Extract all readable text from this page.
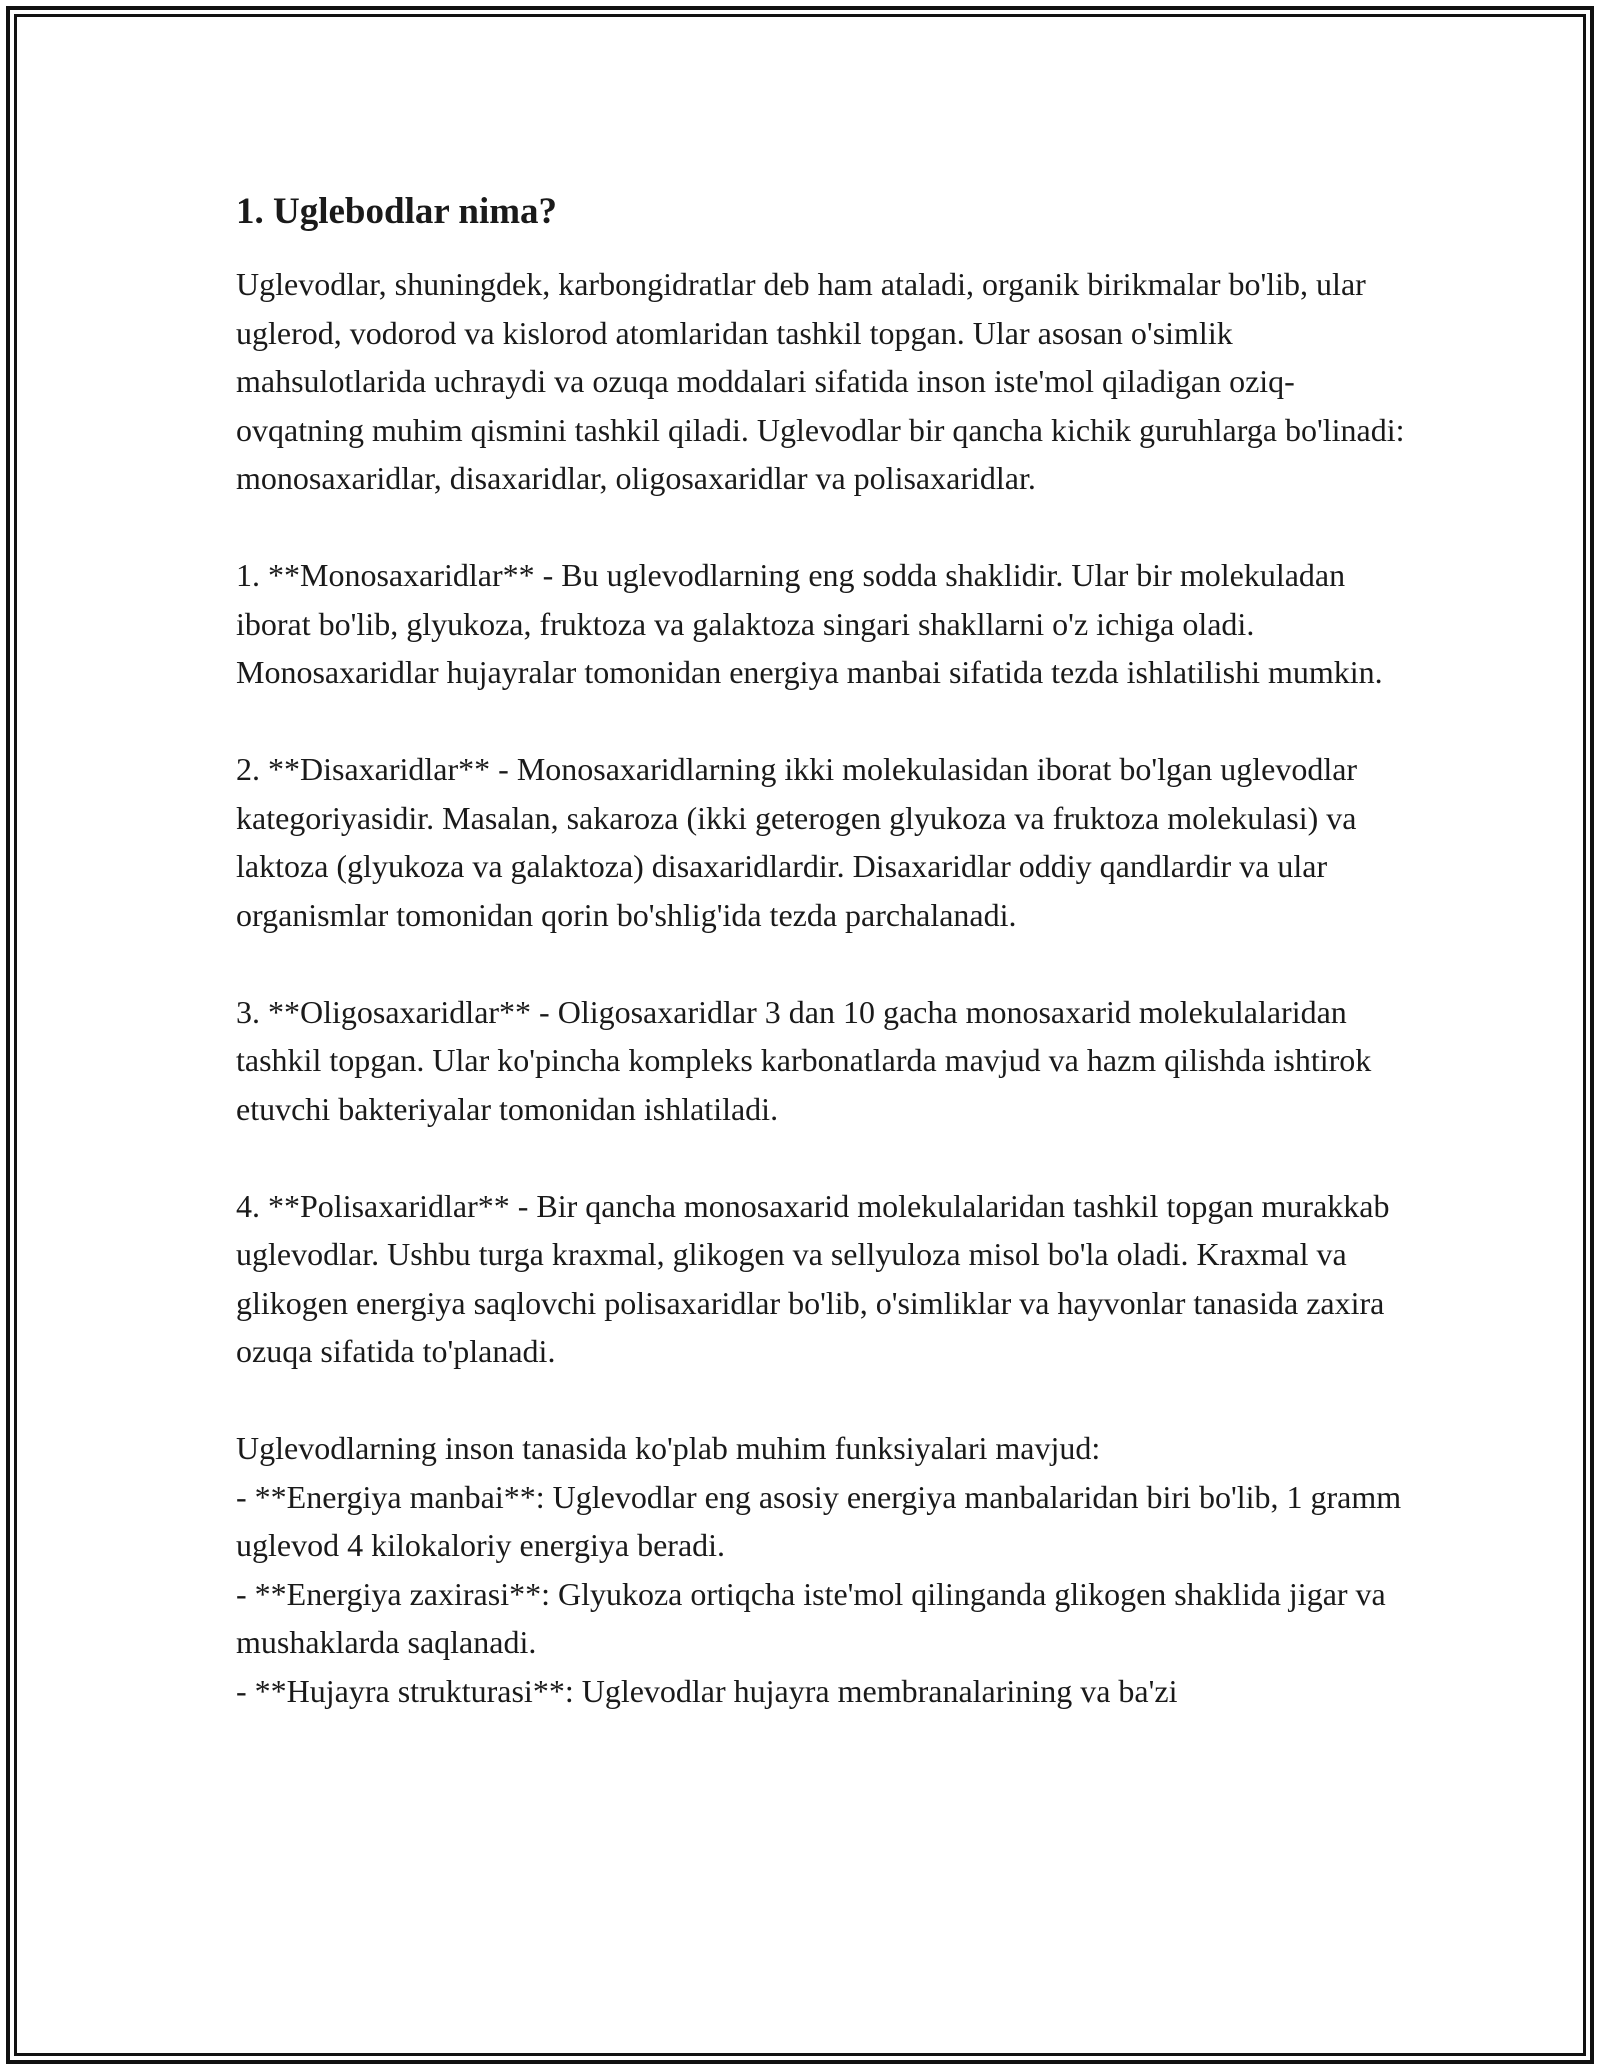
1. Uglebodlar nima?

Uglevodlar, shuningdek, karbongidratlar deb ham ataladi, organik birikmalar bo'lib, ular uglerod, vodorod va kislorod atomlaridan tashkil topgan. Ular asosan o'simlik mahsulotlarida uchraydi va ozuqa moddalari sifatida inson iste'mol qiladigan oziq-ovqatning muhim qismini tashkil qiladi. Uglevodlar bir qancha kichik guruhlarga bo'linadi: monosaxaridlar, disaxaridlar, oligosaxaridlar va polisaxaridlar.

1. **Monosaxaridlar** - Bu uglevodlarning eng sodda shaklidir. Ular bir molekuladan iborat bo'lib, glyukoza, fruktoza va galaktoza singari shakllarni o'z ichiga oladi. Monosaxaridlar hujayralar tomonidan energiya manbai sifatida tezda ishlatilishi mumkin.

2. **Disaxaridlar** - Monosaxaridlarning ikki molekulasidan iborat bo'lgan uglevodlar kategoriyasidir. Masalan, sakaroza (ikki geterogen glyukoza va fruktoza molekulasi) va laktoza (glyukoza va galaktoza) disaxaridlardir. Disaxaridlar oddiy qandlardir va ular organismlar tomonidan qorin bo'shlig'ida tezda parchalanadi.

3. **Oligosaxaridlar** - Oligosaxaridlar 3 dan 10 gacha monosaxarid molekulalaridan tashkil topgan. Ular ko'pincha kompleks karbonatlarda mavjud va hazm qilishda ishtirok etuvchi bakteriyalar tomonidan ishlatiladi.

4. **Polisaxaridlar** - Bir qancha monosaxarid molekulalaridan tashkil topgan murakkab uglevodlar. Ushbu turga kraxmal, glikogen va sellyuloza misol bo'la oladi. Kraxmal va glikogen energiya saqlovchi polisaxaridlar bo'lib, o'simliklar va hayvonlar tanasida zaxira ozuqa sifatida to'planadi.

Uglevodlarning inson tanasida ko'plab muhim funksiyalari mavjud:

- **Energiya manbai**: Uglevodlar eng asosiy energiya manbalaridan biri bo'lib, 1 gramm uglevod 4 kilokaloriy energiya beradi.

- **Energiya zaxirasi**: Glyukoza ortiqcha iste'mol qilinganda glikogen shaklida jigar va mushaklarda saqlanadi.

- **Hujayra strukturasi**: Uglevodlar hujayra membranalarining va ba'zi
